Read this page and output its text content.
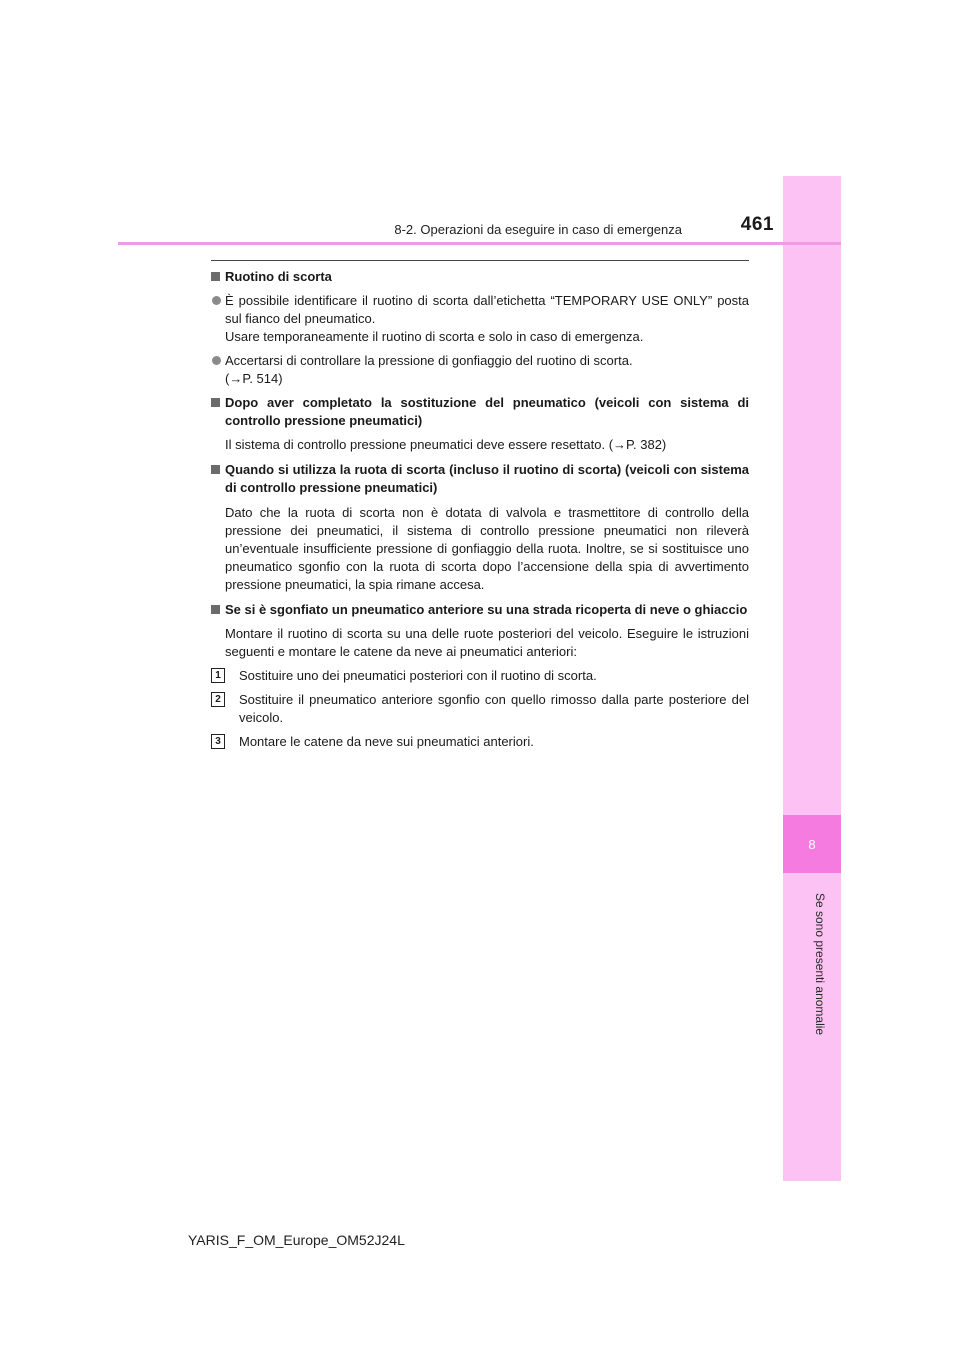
8
Se sono presenti anomalie
8-2. Operazioni da eseguire in caso di emergenza	461
Ruotino di scorta
È possibile identificare il ruotino di scorta dall’etichetta “TEMPORARY USE ONLY” posta sul fianco del pneumatico.
Usare temporaneamente il ruotino di scorta e solo in caso di emergenza.
Accertarsi di controllare la pressione di gonfiaggio del ruotino di scorta.
(→P. 514)
Dopo aver completato la sostituzione del pneumatico (veicoli con sistema di controllo pressione pneumatici)
Il sistema di controllo pressione pneumatici deve essere resettato. (→P. 382)
Quando si utilizza la ruota di scorta (incluso il ruotino di scorta) (veicoli con sistema di controllo pressione pneumatici)
Dato che la ruota di scorta non è dotata di valvola e trasmettitore di controllo della pressione dei pneumatici, il sistema di controllo pressione pneumatici non rileverà un’eventuale insufficiente pressione di gonfiaggio della ruota. Inoltre, se si sostituisce uno pneumatico sgonfio con la ruota di scorta dopo l’accensione della spia di avvertimento pressione pneumatici, la spia rimane accesa.
Se si è sgonfiato un pneumatico anteriore su una strada ricoperta di neve o ghiaccio
Montare il ruotino di scorta su una delle ruote posteriori del veicolo. Eseguire le istruzioni seguenti e montare le catene da neve ai pneumatici anteriori:
1	Sostituire uno dei pneumatici posteriori con il ruotino di scorta.
2	Sostituire il pneumatico anteriore sgonfio con quello rimosso dalla parte posteriore del veicolo.
3	Montare le catene da neve sui pneumatici anteriori.
YARIS_F_OM_Europe_OM52J24L
